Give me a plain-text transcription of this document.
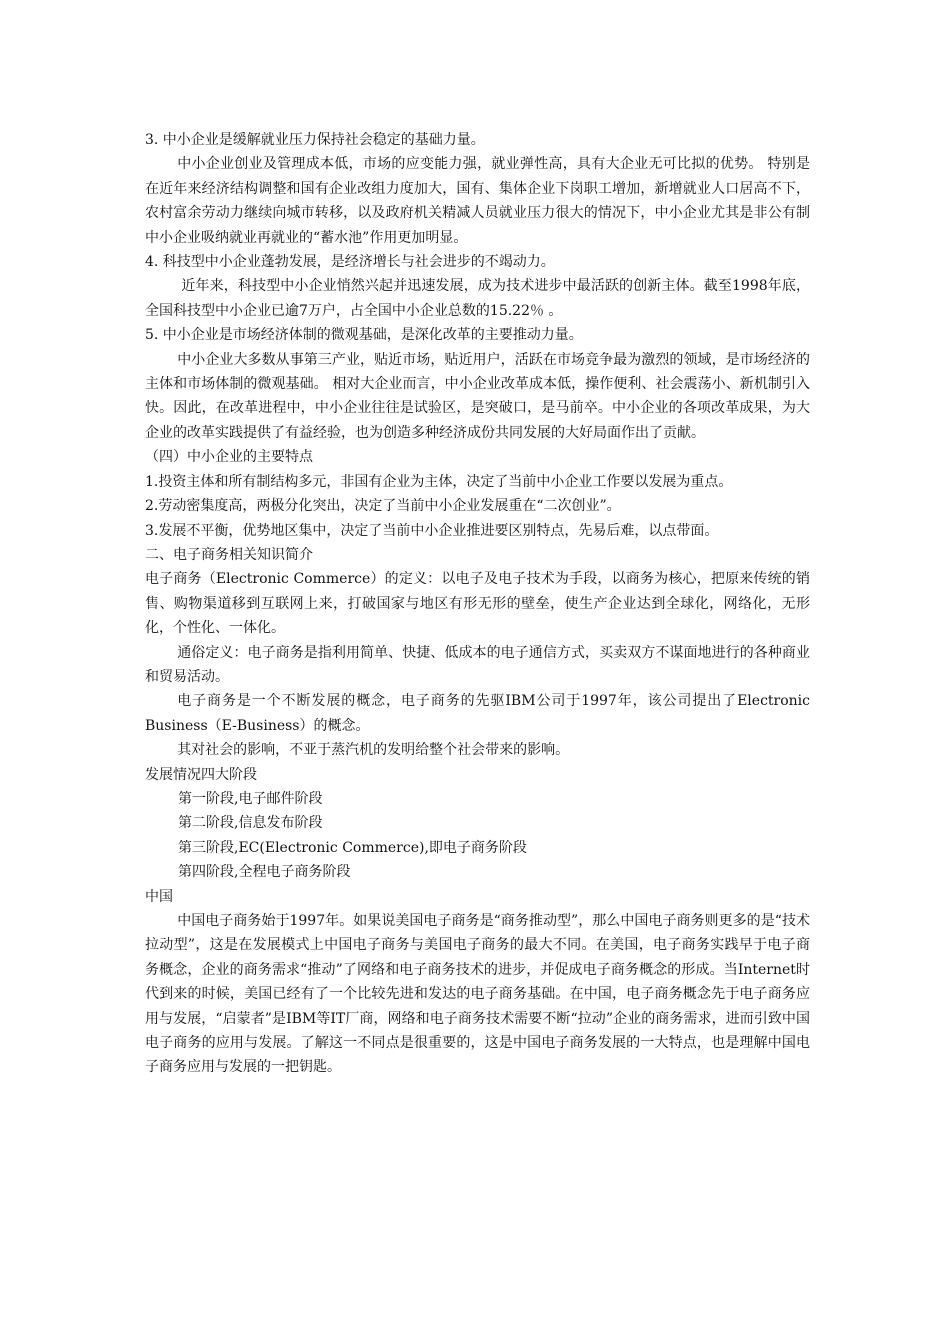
3. 中小企业是缓解就业压力保持社会稳定的基础力量。

中小企业创业及管理成本低，市场的应变能力强，就业弹性高，具有大企业无可比拟的优势。 特别是在近年来经济结构调整和国有企业改组力度加大，国有、集体企业下岗职工增加，新增就业人口居高不下，农村富余劳动力继续向城市转移，以及政府机关精减人员就业压力很大的情况下，中小企业尤其是非公有制中小企业吸纳就业再就业的“蓄水池”作用更加明显。

4. 科技型中小企业蓬勃发展，是经济增长与社会进步的不竭动力。

近年来，科技型中小企业悄然兴起并迅速发展，成为技术进步中最活跃的创新主体。截至1998年底，全国科技型中小企业已逾7万户，占全国中小企业总数的15.22％ 。

5. 中小企业是市场经济体制的微观基础，是深化改革的主要推动力量。

中小企业大多数从事第三产业，贴近市场，贴近用户，活跃在市场竞争最为激烈的领域，是市场经济的主体和市场体制的微观基础。 相对大企业而言，中小企业改革成本低，操作便利、社会震荡小、新机制引入快。因此，在改革进程中，中小企业往往是试验区，是突破口，是马前卒。中小企业的各项改革成果，为大企业的改革实践提供了有益经验，也为创造多种经济成份共同发展的大好局面作出了贡献。

（四）中小企业的主要特点

1.投资主体和所有制结构多元，非国有企业为主体，决定了当前中小企业工作要以发展为重点。

2.劳动密集度高，两极分化突出，决定了当前中小企业发展重在“二次创业”。

3.发展不平衡，优势地区集中，决定了当前中小企业推进要区别特点，先易后难，以点带面。

二、电子商务相关知识简介

电子商务（Electronic Commerce）的定义：以电子及电子技术为手段，以商务为核心，把原来传统的销售、购物渠道移到互联网上来，打破国家与地区有形无形的壁垒，使生产企业达到全球化，网络化，无形化，个性化、一体化。

通俗定义：电子商务是指利用简单、快捷、低成本的电子通信方式，买卖双方不谋面地进行的各种商业和贸易活动。

电子商务是一个不断发展的概念，电子商务的先驱IBM公司于1997年，该公司提出了Electronic Business（E-Business）的概念。

其对社会的影响，不亚于蒸汽机的发明给整个社会带来的影响。

发展情况四大阶段

第一阶段,电子邮件阶段

第二阶段,信息发布阶段

第三阶段,EC(Electronic Commerce),即电子商务阶段

第四阶段,全程电子商务阶段

中国

中国电子商务始于1997年。如果说美国电子商务是“商务推动型”，那么中国电子商务则更多的是“技术拉动型”，这是在发展模式上中国电子商务与美国电子商务的最大不同。在美国，电子商务实践早于电子商务概念，企业的商务需求“推动”了网络和电子商务技术的进步，并促成电子商务概念的形成。当Internet时代到来的时候，美国已经有了一个比较先进和发达的电子商务基础。在中国，电子商务概念先于电子商务应用与发展，“启蒙者”是IBM等IT厂商，网络和电子商务技术需要不断“拉动”企业的商务需求，进而引致中国电子商务的应用与发展。了解这一不同点是很重要的，这是中国电子商务发展的一大特点，也是理解中国电子商务应用与发展的一把钥匙。
